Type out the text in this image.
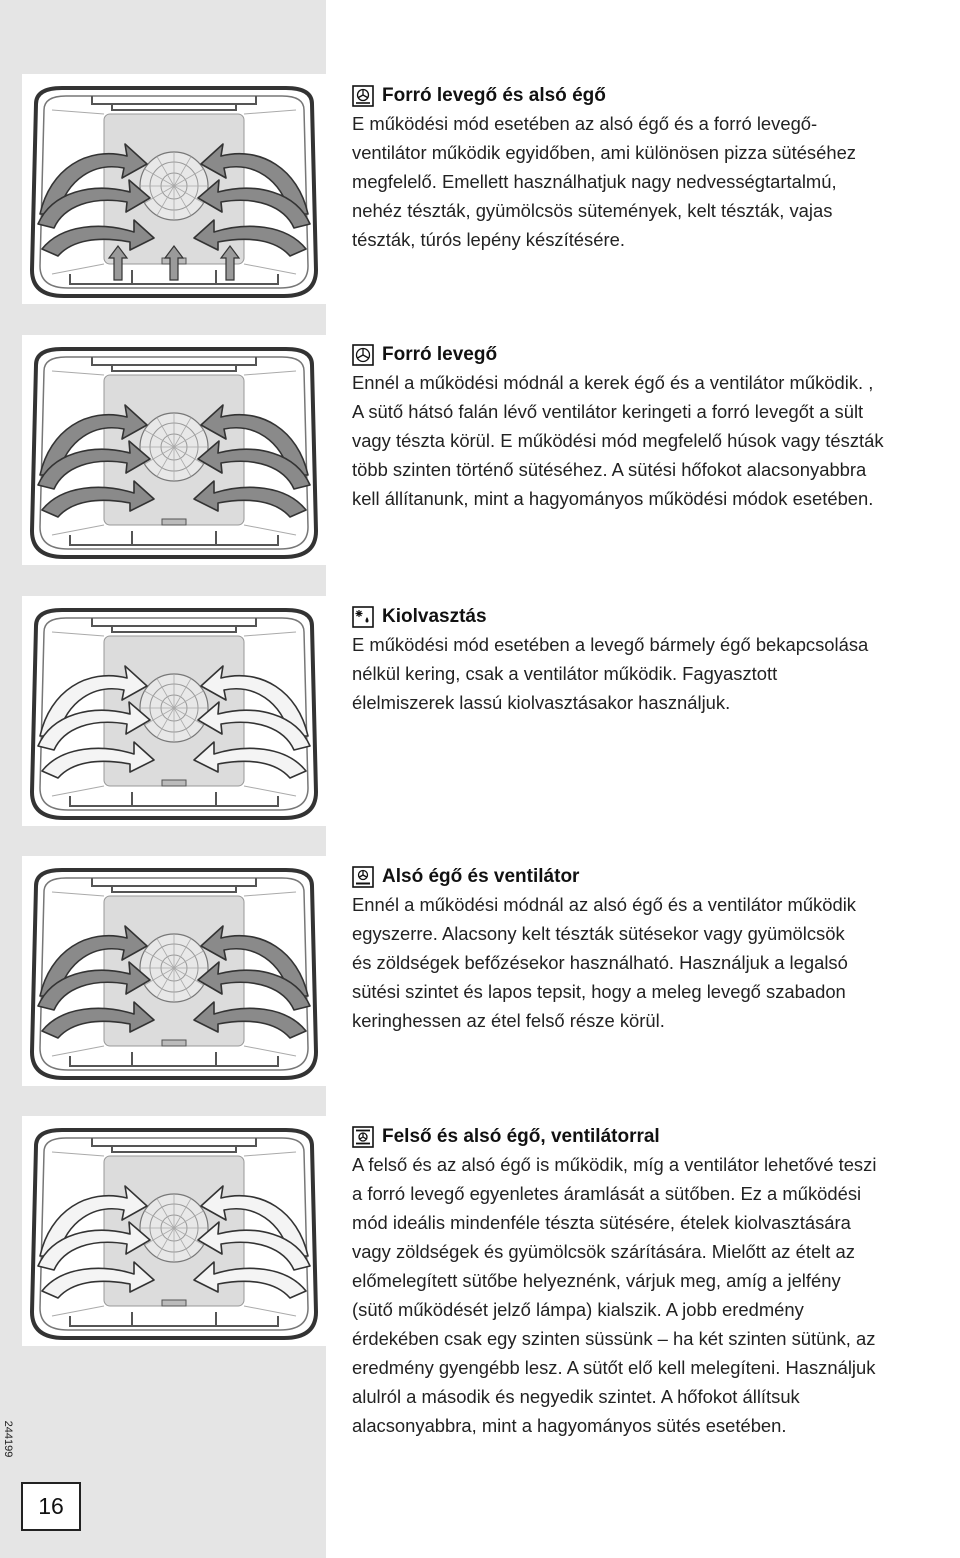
Forró levegő és alsó égő

E működési mód esetében az alsó égő és a forró levegő-
ventilátor működik egyidőben, ami különösen pizza sütéséhez
megfelelő. Emellett használhatjuk nagy nedvességtartalmú,
nehéz tészták, gyümölcsös sütemények, kelt tészták, vajas
tészták, túrós lepény készítésére.

Forró levegő

Ennél a működési módnál a kerek égő és a ventilátor működik. ,
A sütő hátsó falán lévő ventilátor keringeti a forró levegőt a sült
vagy tészta körül. E működési mód megfelelő húsok vagy tészták
több szinten történő sütéséhez. A sütési hőfokot alacsonyabbra
kell állítanunk, mint a hagyományos működési módok esetében.

Kiolvasztás

E működési mód esetében a levegő bármely égő bekapcsolása
nélkül kering, csak a ventilátor működik. Fagyasztott
élelmiszerek lassú kiolvasztásakor használjuk.

Alsó égő és ventilátor

Ennél a működési módnál az alsó égő és a ventilátor működik
egyszerre. Alacsony kelt tészták sütésekor vagy gyümölcsök
és zöldségek befőzésekor használható. Használjuk a legalsó
sütési szintet és lapos tepsit, hogy a meleg levegő szabadon
keringhessen az étel felső része körül.

Felső és alsó égő, ventilátorral

A felső és az alsó égő is működik, míg a ventilátor lehetővé teszi
a forró levegő egyenletes áramlását a sütőben. Ez a működési
mód ideális mindenféle tészta sütésére, ételek kiolvasztására
vagy zöldségek és gyümölcsök szárítására. Mielőtt az ételt az
előmelegített sütőbe helyeznénk, várjuk meg, amíg a jelfény
(sütő működését jelző lámpa) kialszik. A jobb eredmény
érdekében csak egy szinten süssünk – ha két szinten sütünk, az
eredmény gyengébb lesz. A sütőt elő kell melegíteni. Használjuk
alulról a második és negyedik szintet. A hőfokot állítsuk
alacsonyabbra, mint a hagyományos sütés esetében.

244199
16
